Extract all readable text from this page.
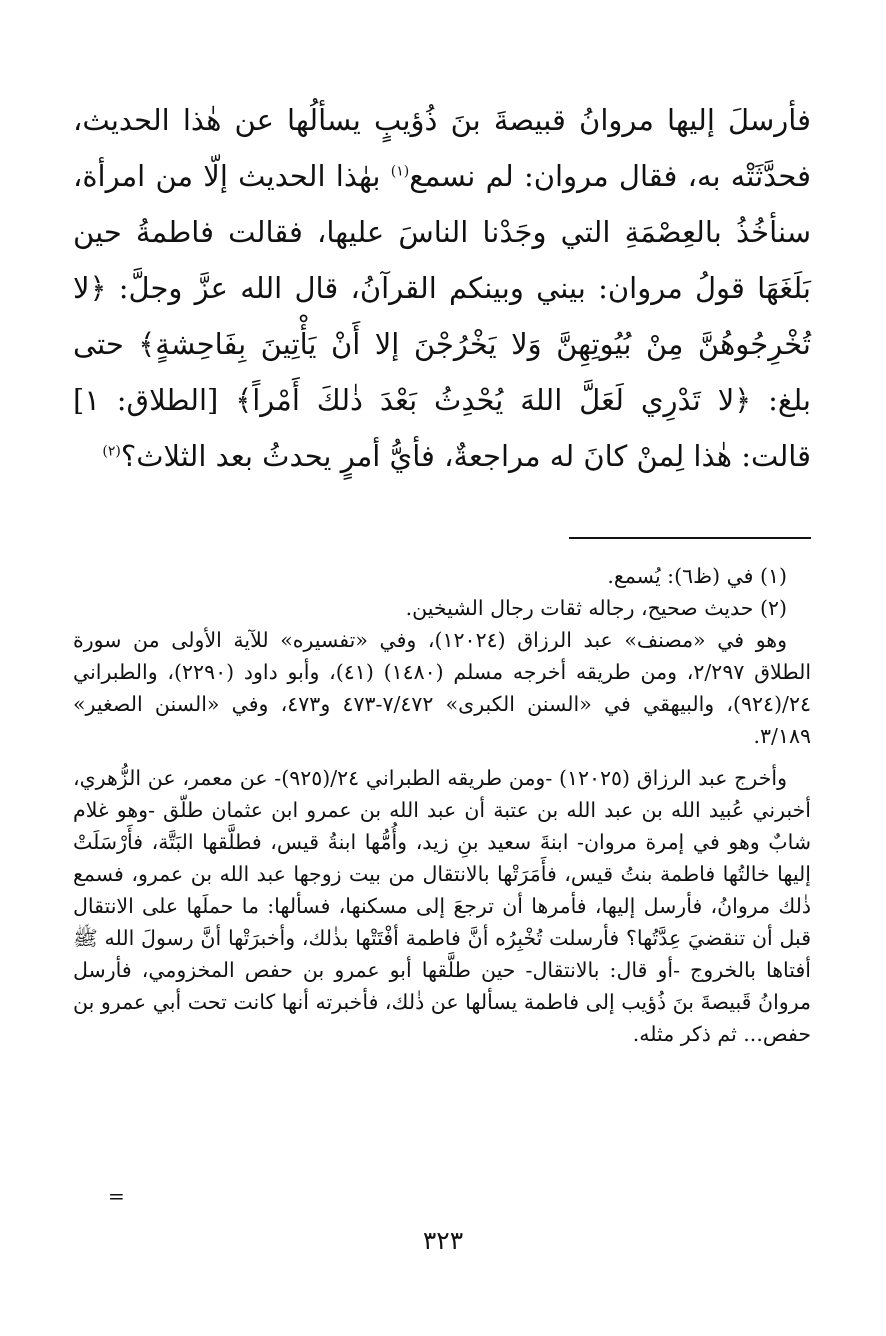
فأرسلَ إليها مروانُ قبيصةَ بنَ ذُؤيبٍ يسألُها عن هٰذا الحديث، فحدَّثَتْه به، فقال مروان: لم نسمع$^{(١)}$ بهٰذا الحديث إلّا من امرأة، سنأخُذُ بالعِصْمَةِ التي وجَدْنا الناسَ عليها، فقالت فاطمةُ حين بَلَغَهَا قولُ مروان: بيني وبينكم القرآنُ، قال الله عزَّ وجلَّ: ﴿لا تُخْرِجُوهُنَّ مِنْ بُيُوتِهِنَّ وَلا يَخْرُجْنَ إلا أَنْ يَأْتِينَ بِفَاحِشةٍ﴾ حتى بلغ: ﴿لا تَدْرِي لَعَلَّ اللهَ يُحْدِثُ بَعْدَ ذٰلكَ أَمْراً﴾ [الطلاق: ١] قالت: هٰذا لِمنْ كانَ له مراجعةٌ، فأيُّ أمرٍ يحدثُ بعد الثلاث؟$^{(٢)}$

(١) في (ظ٦): يُسمع.

(٢) حديث صحيح، رجاله ثقات رجال الشيخين.

وهو في «مصنف» عبد الرزاق (١٢٠٢٤)، وفي «تفسيره» للآية الأولى من سورة الطلاق ٢/٢٩٧، ومن طريقه أخرجه مسلم (١٤٨٠) (٤١)، وأبو داود (٢٢٩٠)، والطبراني ٢٤/(٩٢٤)، والبيهقي في «السنن الكبرى» ٧/٤٧٢-٤٧٣ و٤٧٣، وفي «السنن الصغير» ٣/١٨٩.

وأخرج عبد الرزاق (١٢٠٢٥) -ومن طريقه الطبراني ٢٤/(٩٢٥)- عن معمر، عن الزُّهري، أخبرني عُبيد الله بن عبد الله بن عتبة أن عبد الله بن عمرو ابن عثمان طلّق -وهو غلام شابٌ وهو في إمرة مروان- ابنةَ سعيد بنِ زيد، وأُمُّها ابنةُ قيس، فطلَّقها البَتَّة، فأَرْسَلَتْ إليها خالتُها فاطمة بنتُ قيس، فأَمَرَتْها بالانتقال من بيت زوجها عبد الله بن عمرو، فسمع ذٰلك مروانُ، فأرسل إليها، فأمرها أن ترجعَ إلى مسكنها، فسألها: ما حملَها على الانتقال قبل أن تنقضيَ عِدَّتُها؟ فأرسلت تُخْبِرُه أنَّ فاطمة أفْتَتْها بذٰلك، وأخبرَتْها أنَّ رسولَ الله ﷺ أفتاها بالخروج -أو قال: بالانتقال- حين طلَّقها أبو عمرو بن حفص المخزومي، فأرسل مروانُ قَبيصةَ بنَ ذُؤيب إلى فاطمة يسألها عن ذٰلك، فأخبرته أنها كانت تحت أبي عمرو بن حفص... ثم ذكر مثله.

=
٣٢٣
